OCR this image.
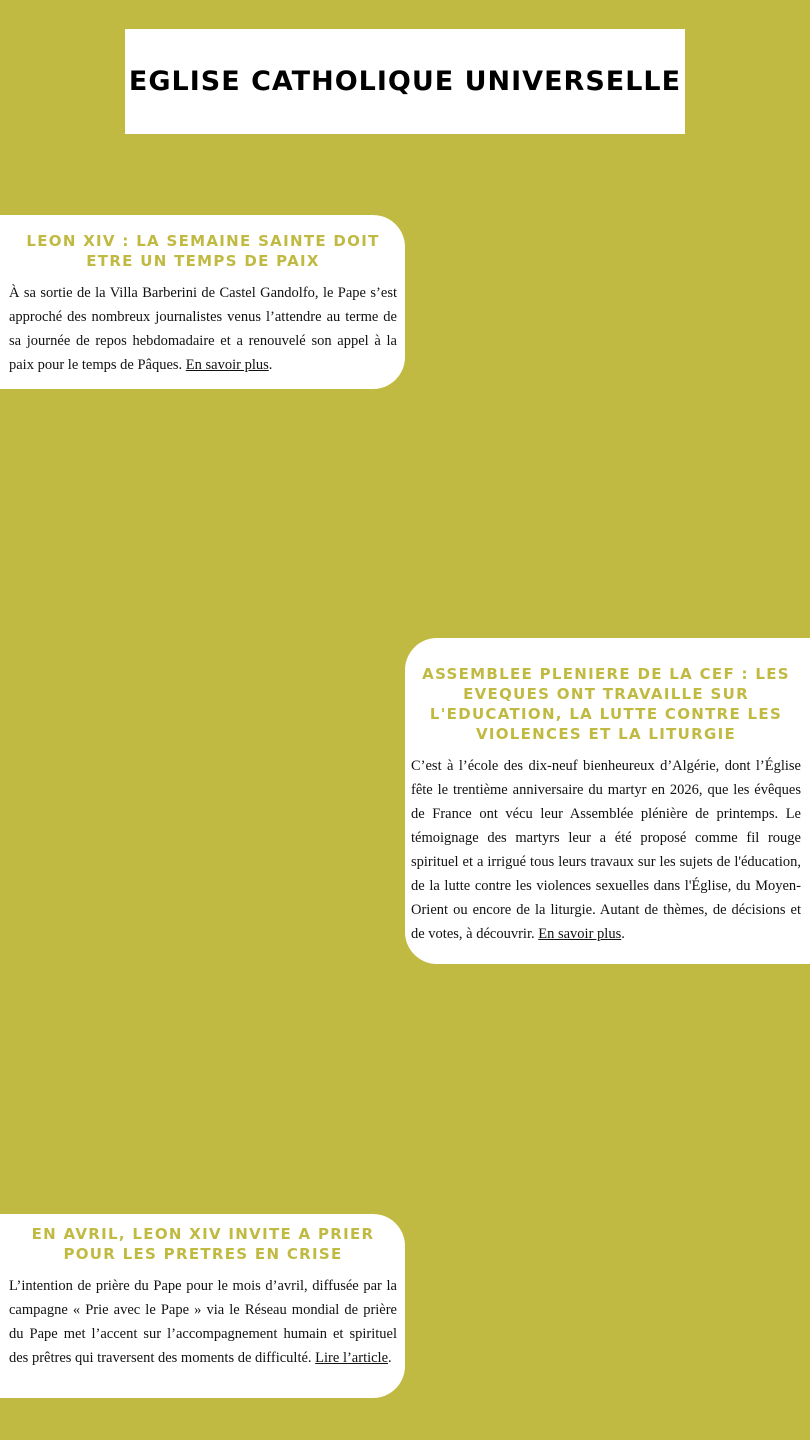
EGLISE CATHOLIQUE UNIVERSELLE
LEON XIV : LA SEMAINE SAINTE DOIT ETRE UN TEMPS DE PAIX

À sa sortie de la Villa Barberini de Castel Gandolfo, le Pape s’est approché des nombreux journalistes venus l’attendre au terme de sa journée de repos hebdomadaire et a renouvelé son appel à la paix pour le temps de Pâques. En savoir plus.

ASSEMBLEE PLENIERE DE LA CEF : LES EVEQUES ONT TRAVAILLE SUR L'EDUCATION, LA LUTTE CONTRE LES VIOLENCES ET LA LITURGIE

C’est à l’école des dix-neuf bienheureux d’Algérie, dont l’Église fête le trentième anniversaire du martyr en 2026, que les évêques de France ont vécu leur Assemblée plénière de printemps. Le témoignage des martyrs leur a été proposé comme fil rouge spirituel et a irrigué tous leurs travaux sur les sujets de l'éducation, de la lutte contre les violences sexuelles dans l'Église, du Moyen-Orient ou encore de la liturgie. Autant de thèmes, de décisions et de votes, à découvrir. En savoir plus.

EN AVRIL, LEON XIV INVITE A PRIER POUR LES PRETRES EN CRISE

L’intention de prière du Pape pour le mois d’avril, diffusée par la campagne « Prie avec le Pape » via le Réseau mondial de prière du Pape met l’accent sur l’accompagnement humain et spirituel des prêtres qui traversent des moments de difficulté. Lire l’article.
